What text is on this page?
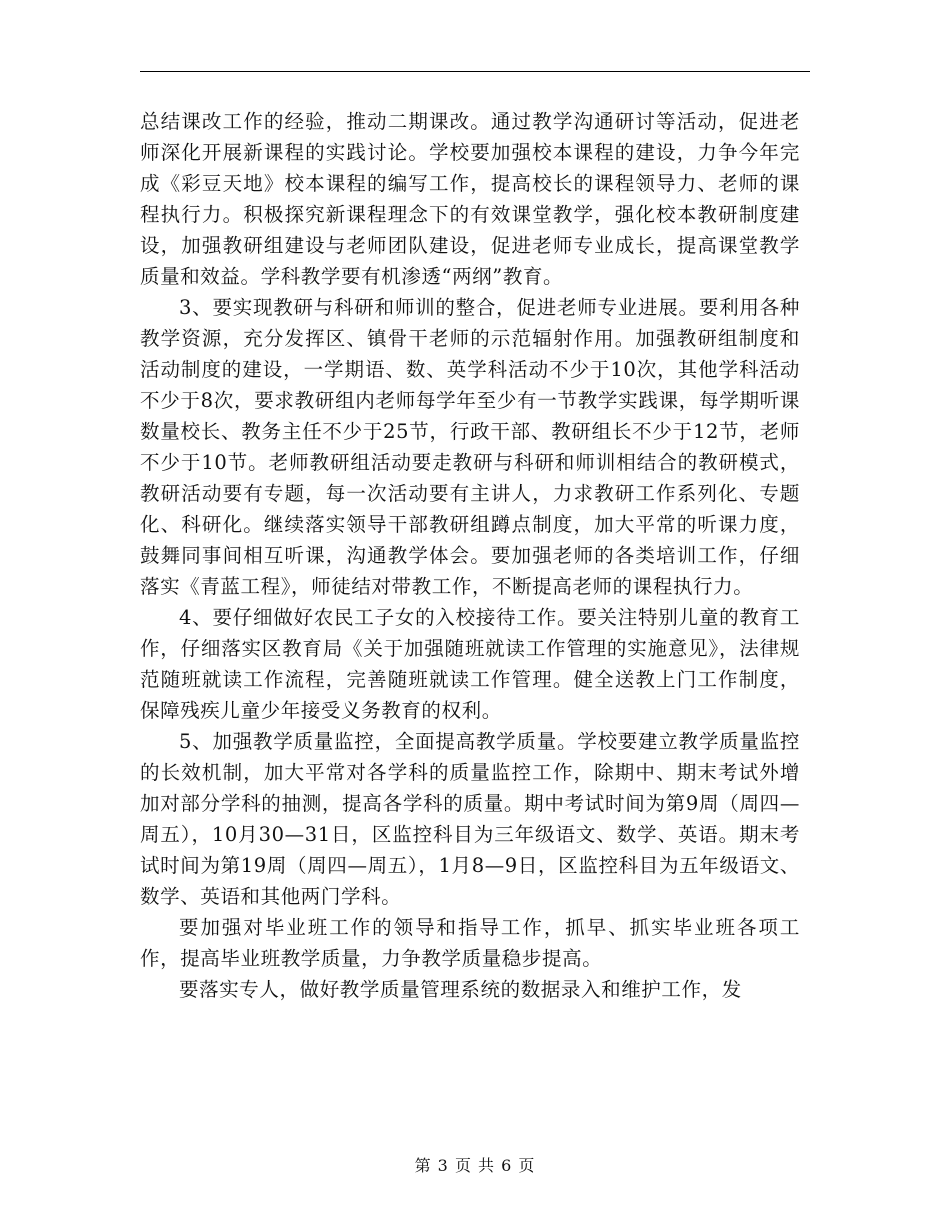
总结课改工作的经验，推动二期课改。通过教学沟通研讨等活动，促进老师深化开展新课程的实践讨论。学校要加强校本课程的建设，力争今年完成《彩豆天地》校本课程的编写工作，提高校长的课程领导力、老师的课程执行力。积极探究新课程理念下的有效课堂教学，强化校本教研制度建设，加强教研组建设与老师团队建设，促进老师专业成长，提高课堂教学质量和效益。学科教学要有机渗透“两纲”教育。

3、要实现教研与科研和师训的整合，促进老师专业进展。要利用各种教学资源，充分发挥区、镇骨干老师的示范辐射作用。加强教研组制度和活动制度的建设，一学期语、数、英学科活动不少于10次，其他学科活动不少于8次，要求教研组内老师每学年至少有一节教学实践课，每学期听课数量校长、教务主任不少于25节，行政干部、教研组长不少于12节，老师不少于10节。老师教研组活动要走教研与科研和师训相结合的教研模式，教研活动要有专题，每一次活动要有主讲人，力求教研工作系列化、专题化、科研化。继续落实领导干部教研组蹲点制度，加大平常的听课力度，鼓舞同事间相互听课，沟通教学体会。要加强老师的各类培训工作，仔细落实《青蓝工程》，师徒结对带教工作，不断提高老师的课程执行力。

4、要仔细做好农民工子女的入校接待工作。要关注特别儿童的教育工作，仔细落实区教育局《关于加强随班就读工作管理的实施意见》，法律规范随班就读工作流程，完善随班就读工作管理。健全送教上门工作制度，保障残疾儿童少年接受义务教育的权利。

5、加强教学质量监控，全面提高教学质量。学校要建立教学质量监控的长效机制，加大平常对各学科的质量监控工作，除期中、期末考试外增加对部分学科的抽测，提高各学科的质量。期中考试时间为第9周（周四—周五），10月30—31日，区监控科目为三年级语文、数学、英语。期末考试时间为第19周（周四—周五），1月8—9日，区监控科目为五年级语文、数学、英语和其他两门学科。

要加强对毕业班工作的领导和指导工作，抓早、抓实毕业班各项工作，提高毕业班教学质量，力争教学质量稳步提高。

要落实专人，做好教学质量管理系统的数据录入和维护工作，发

第 3 页 共 6 页
